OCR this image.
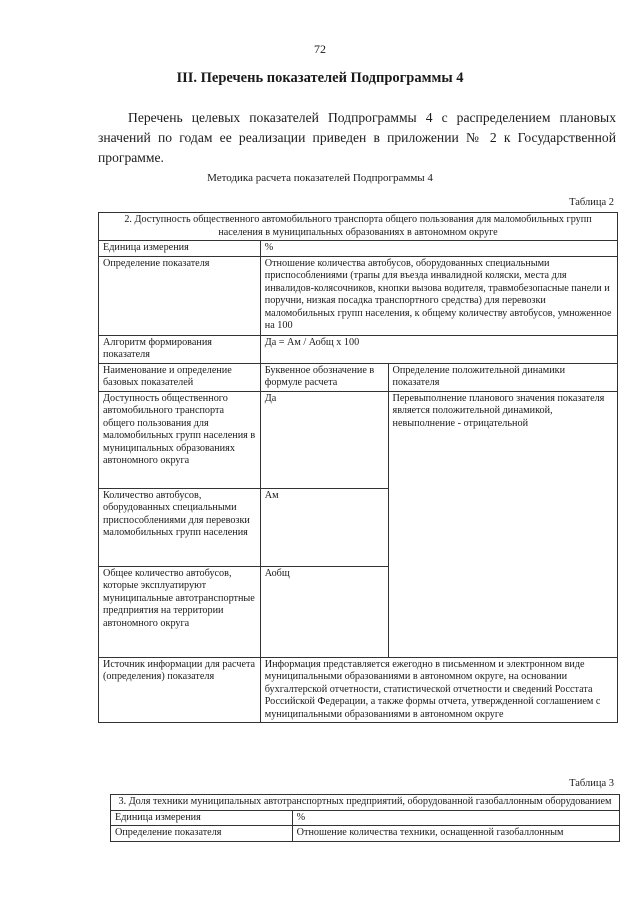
72
III. Перечень показателей Подпрограммы 4
Перечень целевых показателей Подпрограммы 4 с распределением плановых значений по годам ее реализации приведен в приложении № 2 к Государственной программе.
Методика расчета показателей Подпрограммы 4
Таблица 2
2. Доступность общественного автомобильного транспорта общего пользования для маломобильных групп населения в муниципальных образованиях в автономном округе		
Единица измерения	%	
Определение показателя	Отношение количества автобусов, оборудованных специальными приспособлениями (трапы для въезда инвалидной коляски, места для инвалидов-колясочников, кнопки вызова водителя, травмобезопасные панели и поручни, низкая посадка транспортного средства) для перевозки маломобильных групп населения, к общему количеству автобусов, умноженное на 100	
Алгоритм формирования показателя	Да = Ам / Аобщ x 100	
Наименование и определение базовых показателей	Буквенное обозначение в формуле расчета	Определение положительной динамики показателя
Доступность общественного автомобильного транспорта общего пользования для маломобильных групп населения в муниципальных образованиях автономного округа	Да	Перевыполнение планового значения показателя является положительной динамикой, невыполнение - отрицательной
Количество автобусов, оборудованных специальными приспособлениями для перевозки маломобильных групп населения	Ам	
Общее количество автобусов, которые эксплуатируют муниципальные автотранспортные предприятия на территории автономного округа	Аобщ	
Источник информации для расчета (определения) показателя	Информация представляется ежегодно в письменном и электронном виде муниципальными образованиями в автономном округе, на основании бухгалтерской отчетности, статистической отчетности и сведений Росстата Российской Федерации, а также формы отчета, утвержденной соглашением с муниципальными образованиями в автономном округе	
Таблица 3
3. Доля техники муниципальных автотранспортных предприятий, оборудованной газобаллонным оборудованием	
Единица измерения	%
Определение показателя	Отношение количества техники, оснащенной газобаллонным
